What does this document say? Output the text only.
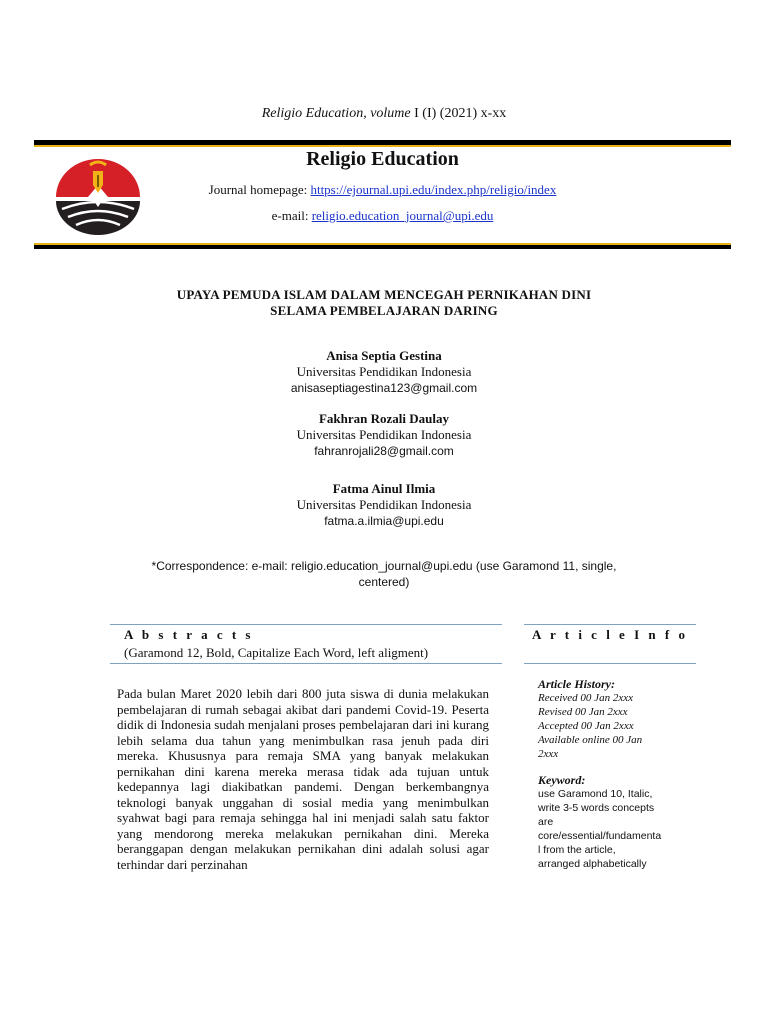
Religio Education, volume I (I) (2021) x-xx
Religio Education
Journal homepage: https://ejournal.upi.edu/index.php/religio/index
e-mail: religio.education_journal@upi.edu
UPAYA PEMUDA ISLAM DALAM MENCEGAH PERNIKAHAN DINI
SELAMA PEMBELAJARAN DARING
Anisa Septia Gestina
Universitas Pendidikan Indonesia
anisaseptiagestina123@gmail.com
Fakhran Rozali Daulay
Universitas Pendidikan Indonesia
fahranrojali28@gmail.com
Fatma Ainul Ilmia
Universitas Pendidikan Indonesia
fatma.a.ilmia@upi.edu
*Correspondence: e-mail: religio.education_journal@upi.edu (use Garamond 11, single,
centered)
A b s t r a c t s
(Garamond 12, Bold, Capitalize Each Word, left aligment)
A r t i c l e I n f o
Pada bulan Maret 2020 lebih dari 800 juta siswa di dunia melakukan pembelajaran di rumah sebagai akibat dari pandemi Covid-19. Peserta didik di Indonesia sudah menjalani proses pembelajaran dari ini kurang lebih selama dua tahun yang menimbulkan rasa jenuh pada diri mereka. Khususnya para remaja SMA yang banyak melakukan pernikahan dini karena mereka merasa tidak ada tujuan untuk kedepannya lagi diakibatkan pandemi. Dengan berkembangnya teknologi banyak unggahan di sosial media yang menimbulkan syahwat bagi para remaja sehingga hal ini menjadi salah satu faktor yang mendorong mereka melakukan pernikahan dini. Mereka beranggapan dengan melakukan pernikahan dini adalah solusi agar terhindar dari perzinahan
Article History:
Received 00 Jan 2xxx
Revised 00 Jan 2xxx
Accepted 00 Jan 2xxx
Available online 00 Jan
2xxx
Keyword:
use Garamond 10, Italic,
write 3-5 words concepts
are
core/essential/fundamenta
l from the article,
arranged alphabetically
